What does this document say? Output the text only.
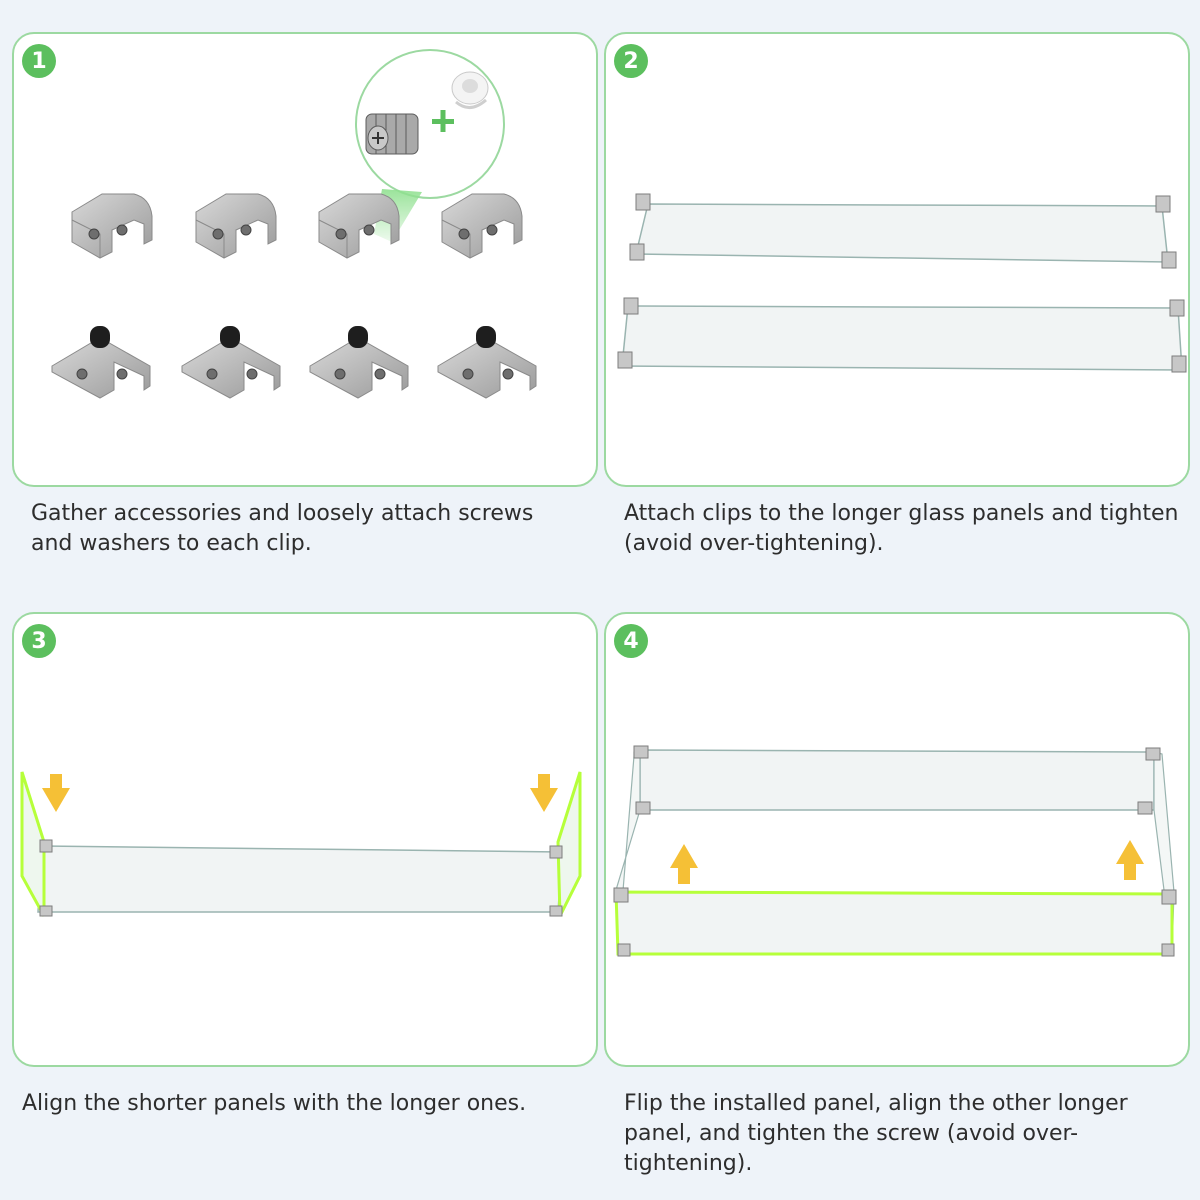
1

Gather accessories and loosely attach screws and washers to each clip.

2

Attach clips to the longer glass panels and tighten (avoid over-tightening).

3

Align the shorter panels with the longer ones.

4

Flip the installed panel, align the other longer panel, and tighten the screw (avoid over-tightening).
